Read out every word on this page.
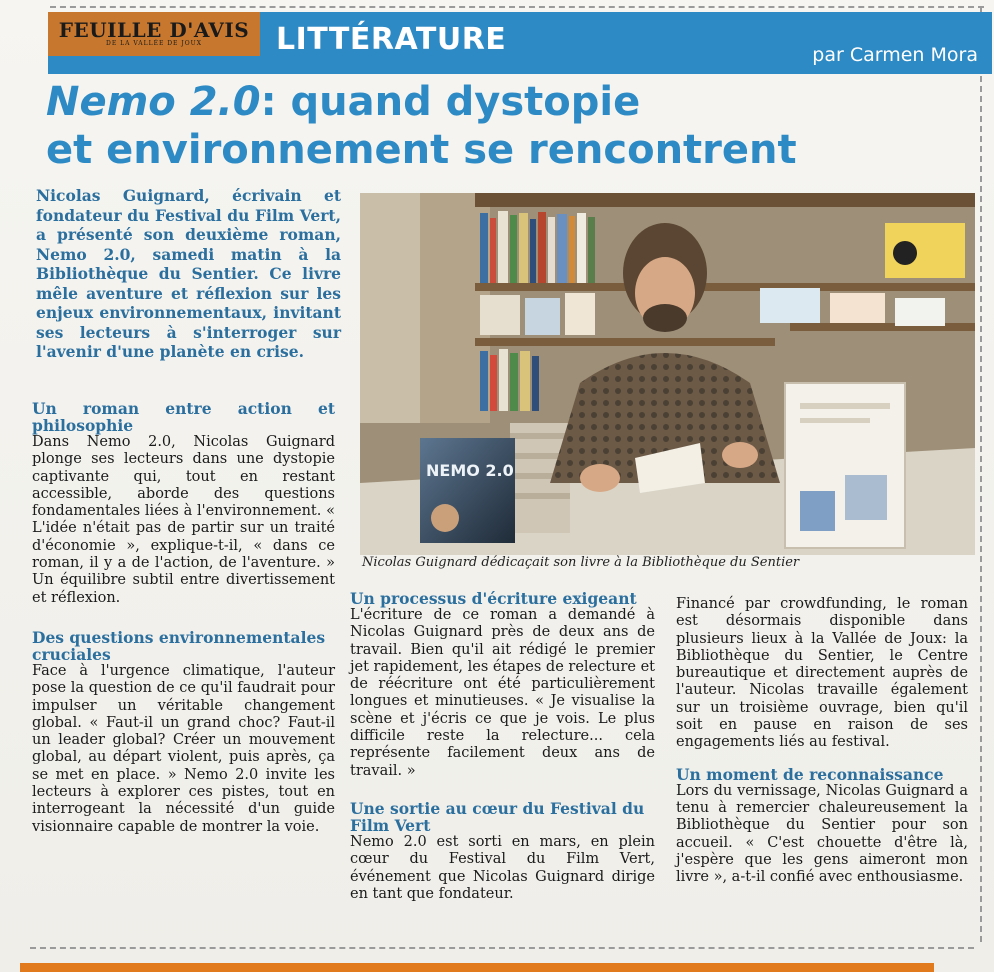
FEUILLE D'AVIS
DE LA VALLÉE DE JOUX LITTÉRATURE	par Carmen Mora
Nemo 2.0: quand dystopie
et environnement se rencontrent
Nicolas Guignard, écrivain et fondateur du Festival du Film Vert, a présenté son deuxième roman, Nemo 2.0, samedi matin à la Bibliothèque du Sentier. Ce livre mêle aventure et réflexion sur les enjeux environnementaux, invitant ses lecteurs à s'interroger sur l'avenir d'une planète en crise.
NEMO 2.0
Nicolas Guignard dédicaçait son livre à la Bibliothèque du Sentier
Un roman entre action et philosophie

Dans Nemo 2.0, Nicolas Guignard plonge ses lecteurs dans une dystopie captivante qui, tout en restant accessible, aborde des questions fondamentales liées à l'environnement. « L'idée n'était pas de partir sur un traité d'économie », explique-t-il, « dans ce roman, il y a de l'action, de l'aventure. » Un équilibre subtil entre divertissement et réflexion.

Des questions environnementales cruciales

Face à l'urgence climatique, l'auteur pose la question de ce qu'il faudrait pour impulser un véritable changement global. « Faut-il un grand choc? Faut-il un leader global? Créer un mouvement global, au départ violent, puis après, ça se met en place. » Nemo 2.0 invite les lecteurs à explorer ces pistes, tout en interrogeant la nécessité d'un guide visionnaire capable de montrer la voie.

Un processus d'écriture exigeant

L'écriture de ce roman a demandé à Nicolas Guignard près de deux ans de travail. Bien qu'il ait rédigé le premier jet rapidement, les étapes de relecture et de réécriture ont été particulièrement longues et minutieuses. « Je visualise la scène et j'écris ce que je vois. Le plus difficile reste la relecture... cela représente facilement deux ans de travail. »

Une sortie au cœur du Festival du Film Vert

Nemo 2.0 est sorti en mars, en plein cœur du Festival du Film Vert, événement que Nicolas Guignard dirige en tant que fondateur.

Financé par crowdfunding, le roman est désormais disponible dans plusieurs lieux à la Vallée de Joux: la Bibliothèque du Sentier, le Centre bureautique et directement auprès de l'auteur. Nicolas travaille également sur un troisième ouvrage, bien qu'il soit en pause en raison de ses engagements liés au festival.

Un moment de reconnaissance

Lors du vernissage, Nicolas Guignard a tenu à remercier chaleureusement la Bibliothèque du Sentier pour son accueil. « C'est chouette d'être là, j'espère que les gens aimeront mon livre », a-t-il confié avec enthousiasme.
